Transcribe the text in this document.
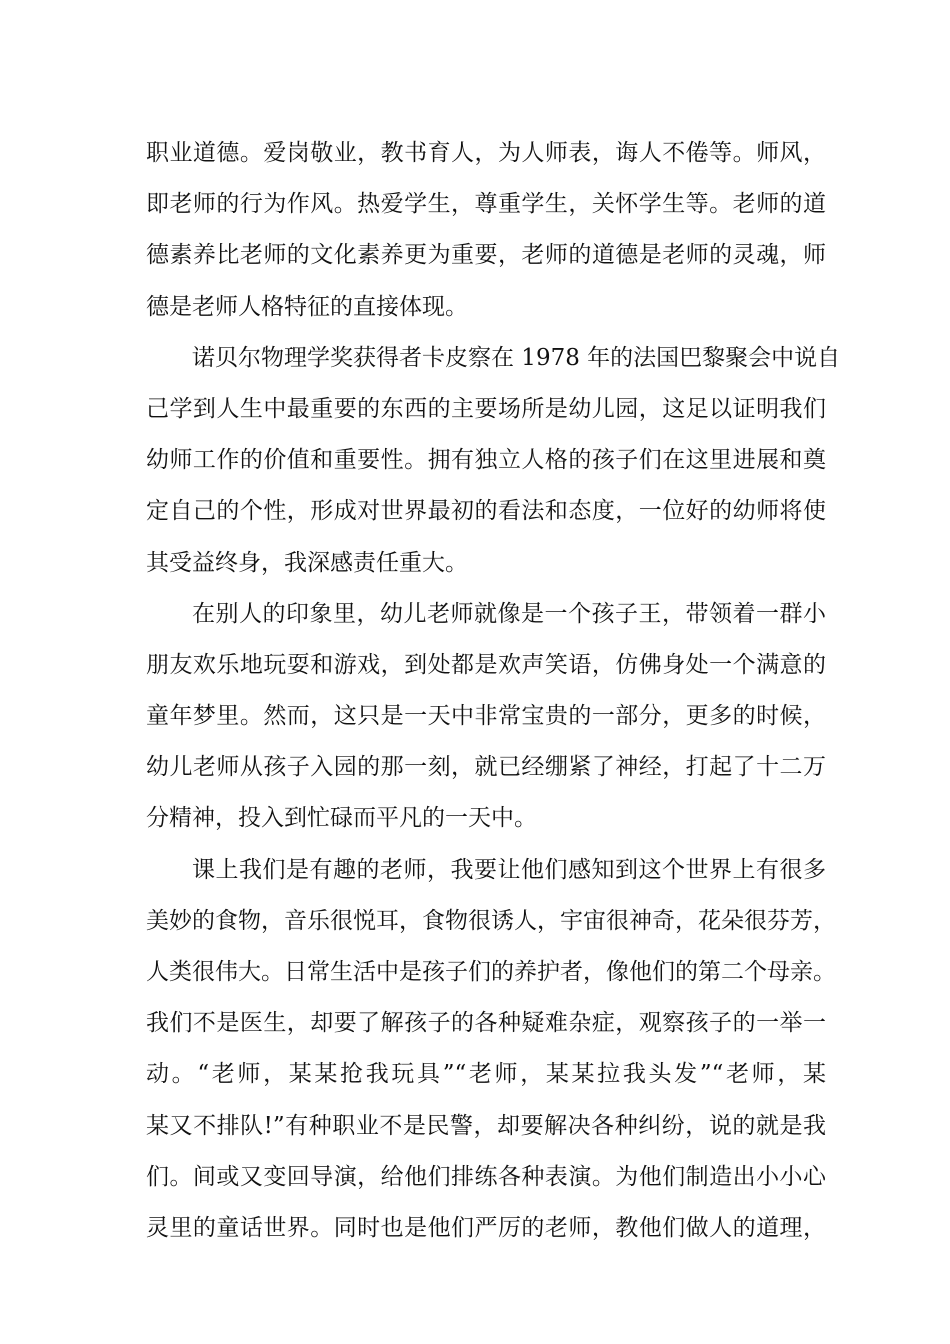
职业道德。爱岗敬业，教书育人，为人师表，诲人不倦等。师风，
即老师的行为作风。热爱学生，尊重学生，关怀学生等。老师的道
德素养比老师的文化素养更为重要，老师的道德是老师的灵魂，师
德是老师人格特征的直接体现。
诺贝尔物理学奖获得者卡皮察在 1978 年的法国巴黎聚会中说自
己学到人生中最重要的东西的主要场所是幼儿园，这足以证明我们
幼师工作的价值和重要性。拥有独立人格的孩子们在这里进展和奠
定自己的个性，形成对世界最初的看法和态度，一位好的幼师将使
其受益终身，我深感责任重大。
在别人的印象里，幼儿老师就像是一个孩子王，带领着一群小
朋友欢乐地玩耍和游戏，到处都是欢声笑语，仿佛身处一个满意的
童年梦里。然而，这只是一天中非常宝贵的一部分，更多的时候，
幼儿老师从孩子入园的那一刻，就已经绷紧了神经，打起了十二万
分精神，投入到忙碌而平凡的一天中。
课上我们是有趣的老师，我要让他们感知到这个世界上有很多
美妙的食物，音乐很悦耳，食物很诱人，宇宙很神奇，花朵很芬芳，
人类很伟大。日常生活中是孩子们的养护者，像他们的第二个母亲。
我们不是医生，却要了解孩子的各种疑难杂症，观察孩子的一举一
动。“老师，某某抢我玩具”“老师，某某拉我头发”“老师，某
某又不排队!”有种职业不是民警，却要解决各种纠纷，说的就是我
们。间或又变回导演，给他们排练各种表演。为他们制造出小小心
灵里的童话世界。同时也是他们严厉的老师，教他们做人的道理，
